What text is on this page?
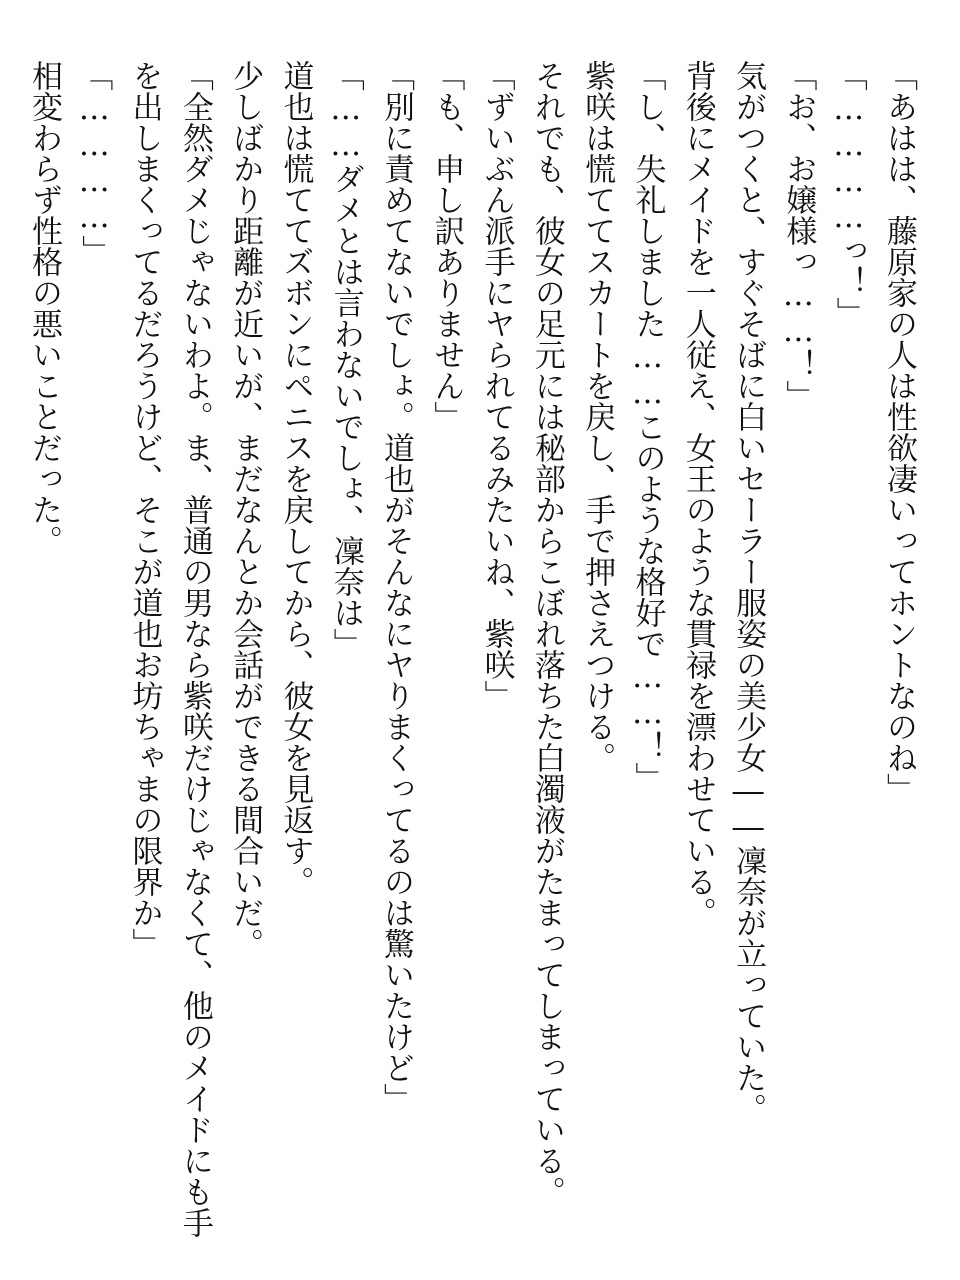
「あはは、藤原家の人は性欲凄いってホントなのね」
「…………っ！」
「お、お嬢様っ……！」
気がつくと、すぐそばに白いセーラー服姿の美少女――凜奈が立っていた。
背後にメイドを一人従え、女王のような貫禄を漂わせている。
「し、失礼しました……このような格好で……！」
紫咲は慌ててスカートを戻し、手で押さえつける。
それでも、彼女の足元には秘部からこぼれ落ちた白濁液がたまってしまっている。
「ずいぶん派手にヤられてるみたいね、紫咲」
「も、申し訳ありません」
「別に責めてないでしょ。道也がそんなにヤりまくってるのは驚いたけど」
「……ダメとは言わないでしょ、凜奈は」
道也は慌ててズボンにペニスを戻してから、彼女を見返す。
少しばかり距離が近いが、まだなんとか会話ができる間合いだ。
「全然ダメじゃないわよ。ま、普通の男なら紫咲だけじゃなくて、他のメイドにも手を出しまくってるだろうけど、そこが道也お坊ちゃまの限界か」
「…………」
相変わらず性格の悪いことだった。
